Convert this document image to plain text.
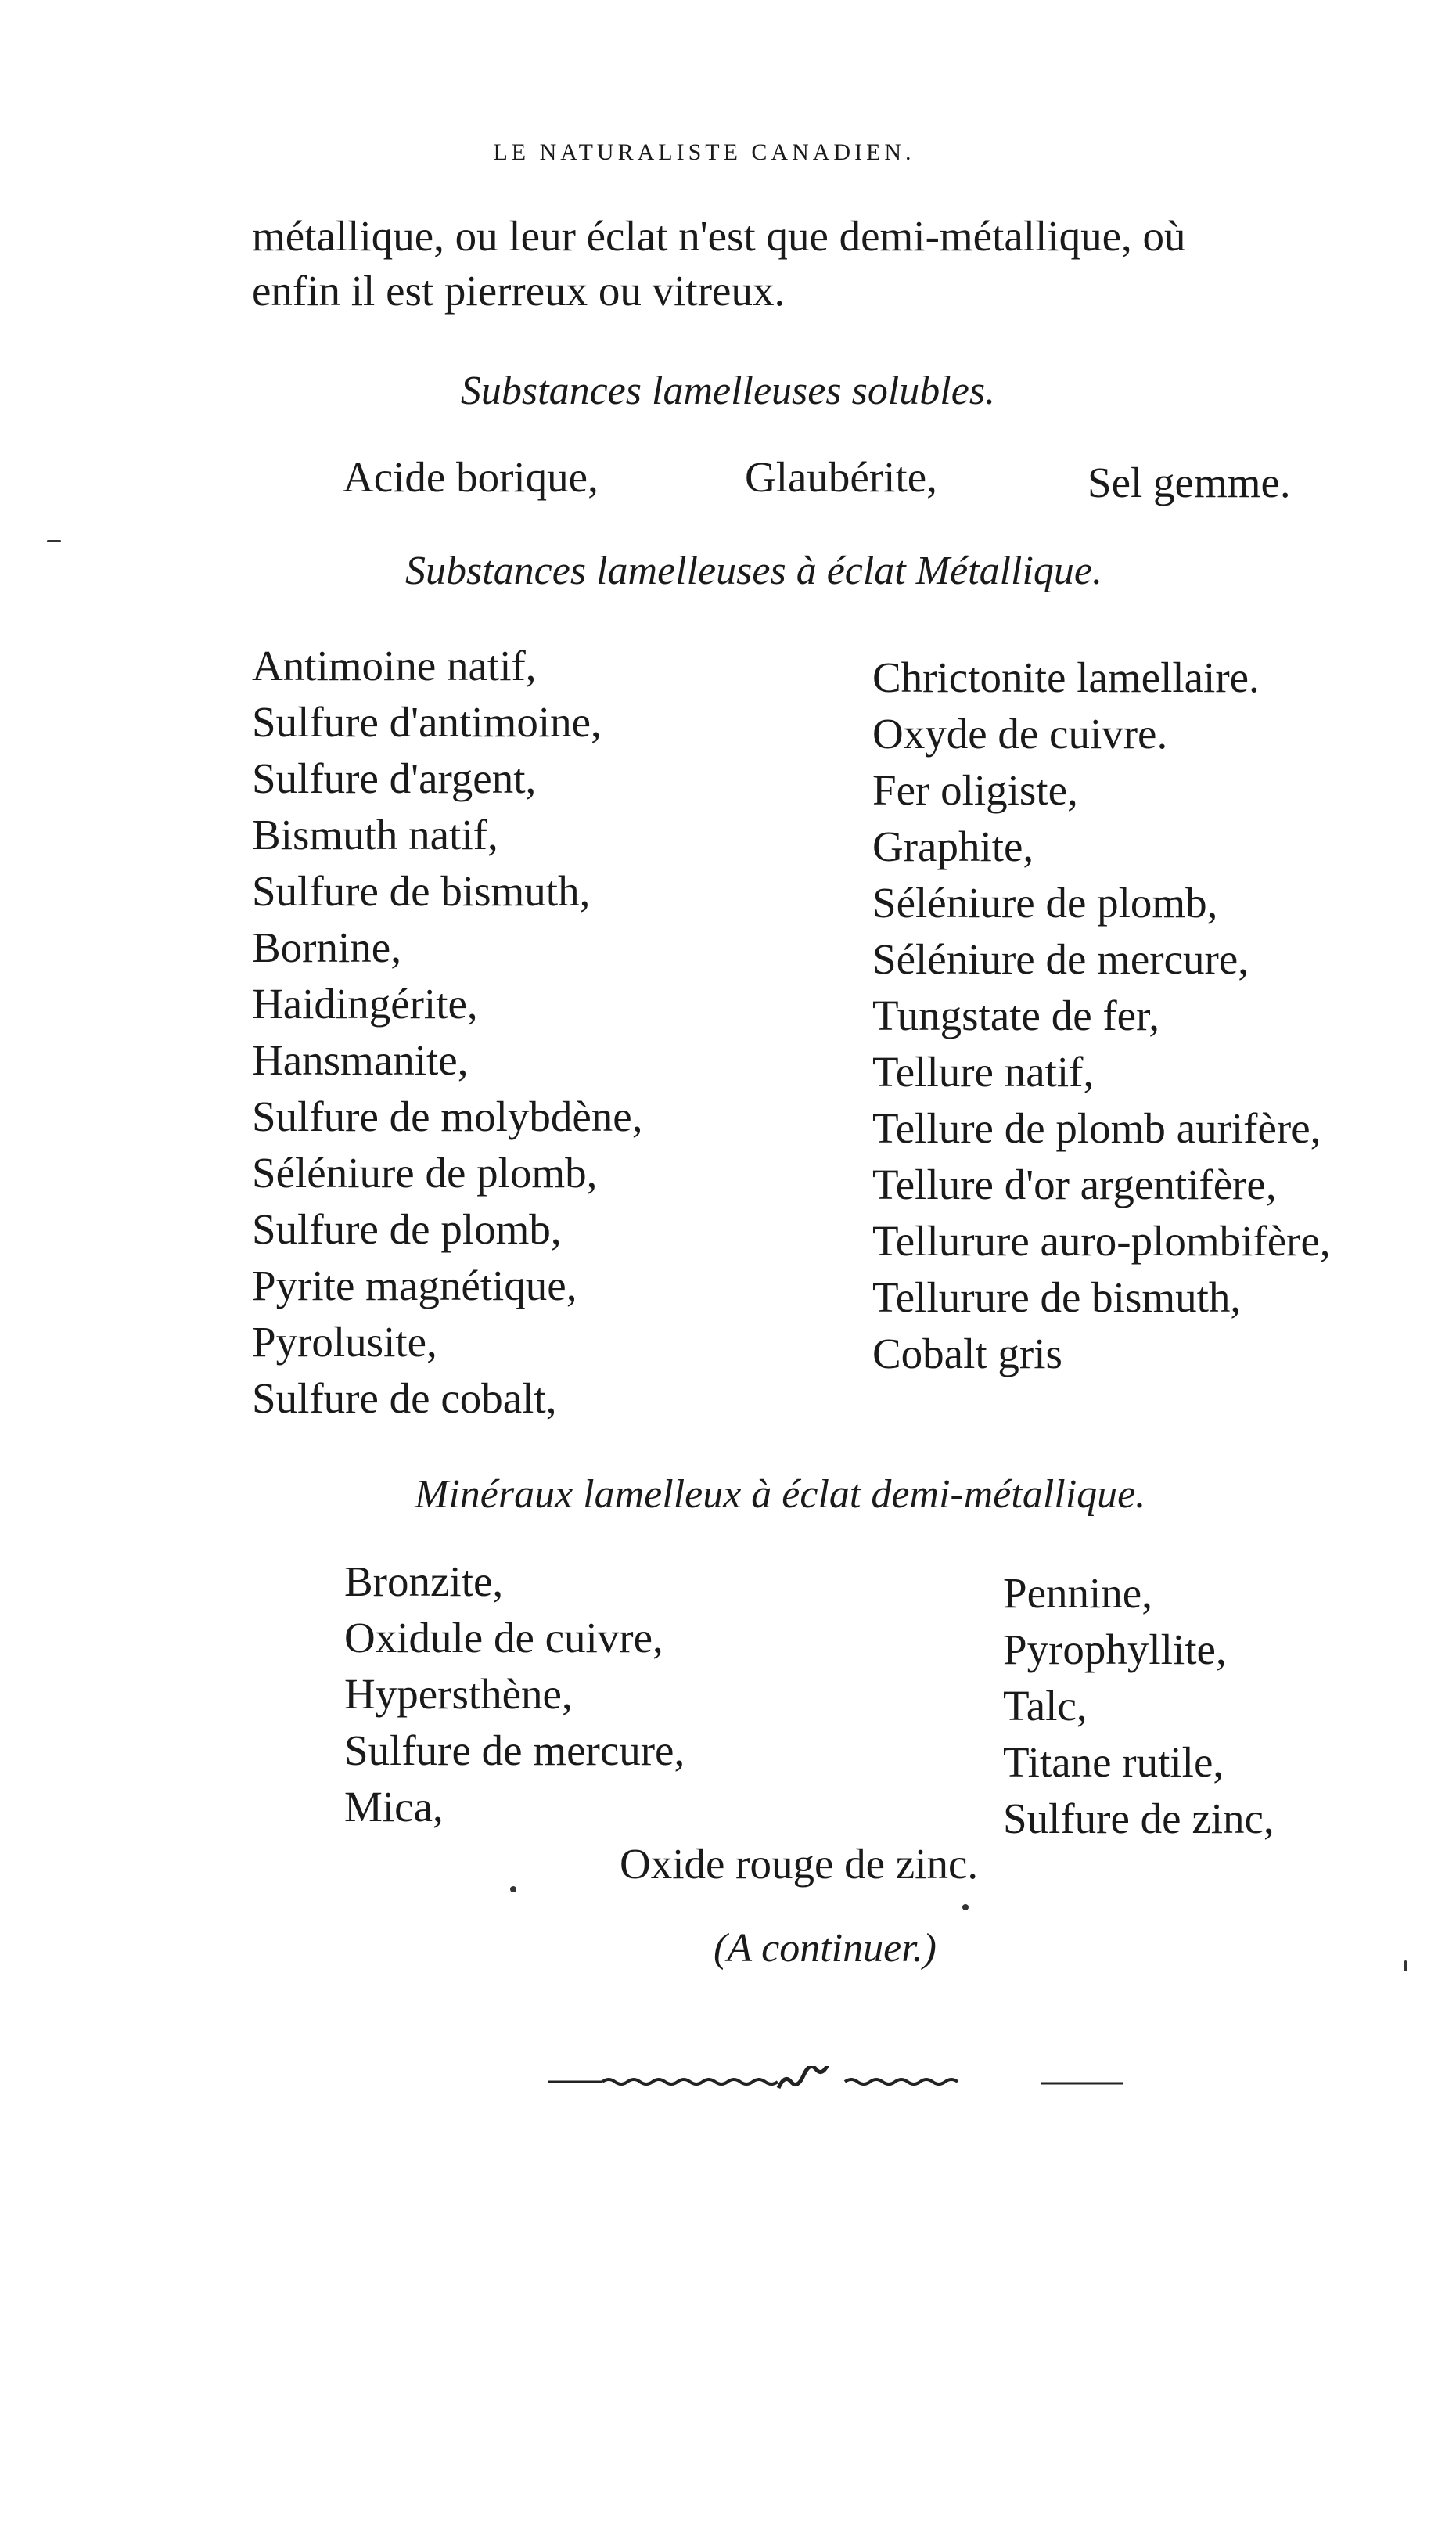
LE NATURALISTE CANADIEN.
métallique, ou leur éclat n'est que demi-métallique, où
enfin il est pierreux ou vitreux.
Substances lamelleuses solubles.
Acide borique,	Glaubérite,	Sel gemme.
Substances lamelleuses à éclat Métallique.
Antimoine natif,
Sulfure d'antimoine,
Sulfure d'argent,
Bismuth natif,
Sulfure de bismuth,
Bornine,
Haidingérite,
Hansmanite,
Sulfure de molybdène,
Séléniure de plomb,
Sulfure de plomb,
Pyrite magnétique,
Pyrolusite,
Sulfure de cobalt,
Chrictonite lamellaire.
Oxyde de cuivre.
Fer oligiste,
Graphite,
Séléniure de plomb,
Séléniure de mercure,
Tungstate de fer,
Tellure natif,
Tellure de plomb aurifère,
Tellure d'or argentifère,
Tellurure auro-plombifère,
Tellurure de bismuth,
Cobalt gris
Minéraux lamelleux à éclat demi-métallique.
Bronzite,
Oxidule de cuivre,
Hypersthène,
Sulfure de mercure,
Mica,
Pennine,
Pyrophyllite,
Talc,
Titane rutile,
Sulfure de zinc,
Oxide rouge de zinc.
(A continuer.)
